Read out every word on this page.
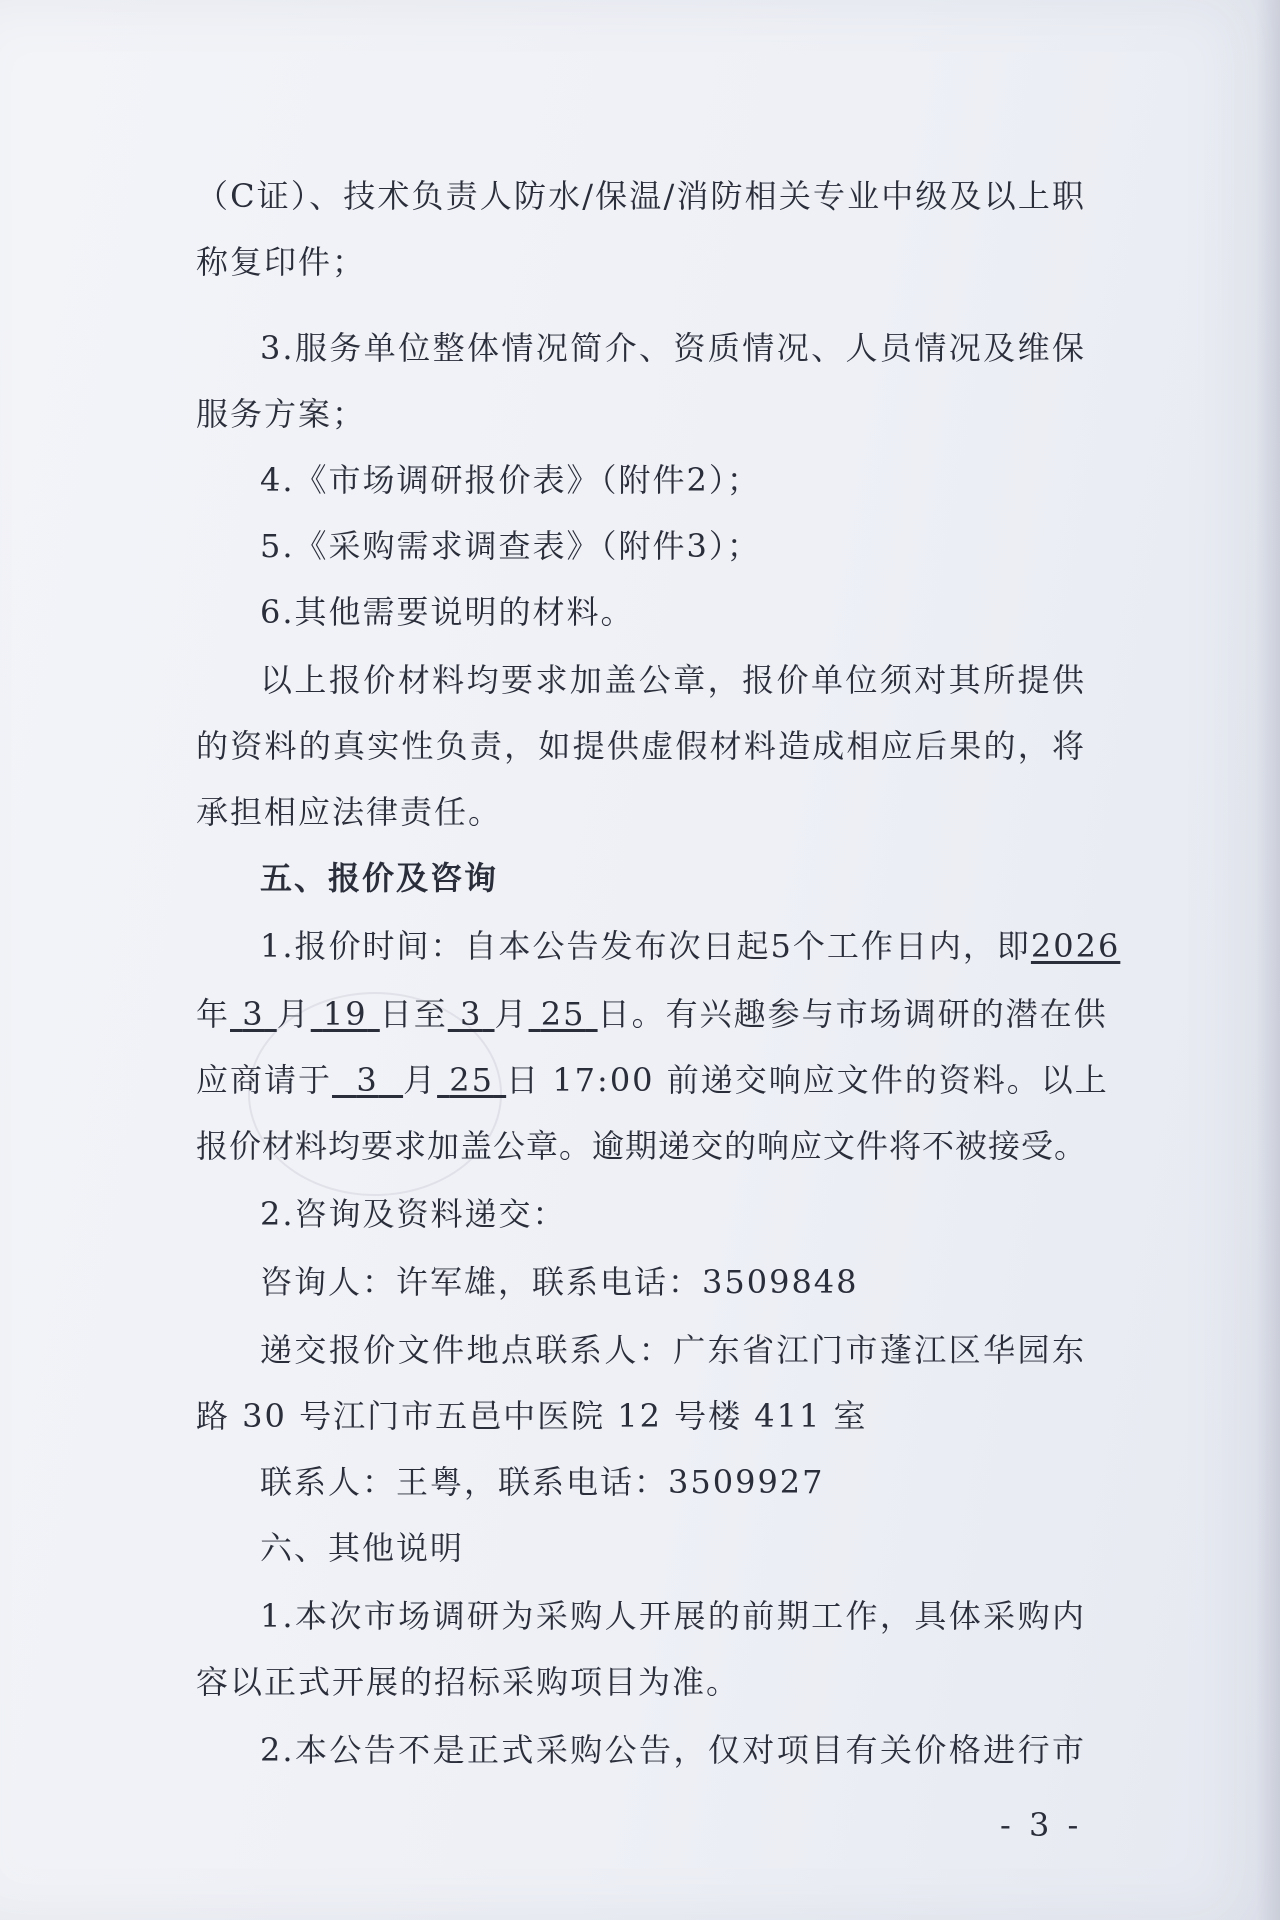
（C证）、技术负责人防水/保温/消防相关专业中级及以上职
称复印件；
3.服务单位整体情况简介、资质情况、人员情况及维保
服务方案；
4.《市场调研报价表》（附件2）；
5.《采购需求调查表》（附件3）；
6.其他需要说明的材料。
以上报价材料均要求加盖公章，报价单位须对其所提供
的资料的真实性负责，如提供虚假材料造成相应后果的，将
承担相应法律责任。
五、报价及咨询
1.报价时间：自本公告发布次日起5个工作日内，即2026
年 3 月 19 日至 3 月 25 日。有兴趣参与市场调研的潜在供
应商请于 3 月 25 日 17:00 前递交响应文件的资料。以上
报价材料均要求加盖公章。逾期递交的响应文件将不被接受。
2.咨询及资料递交：
咨询人：许军雄，联系电话：3509848
递交报价文件地点联系人：广东省江门市蓬江区华园东
路 30 号江门市五邑中医院 12 号楼 411 室
联系人：王粤，联系电话：3509927
六、其他说明
1.本次市场调研为采购人开展的前期工作，具体采购内
容以正式开展的招标采购项目为准。
2.本公告不是正式采购公告，仅对项目有关价格进行市
- 3 -
